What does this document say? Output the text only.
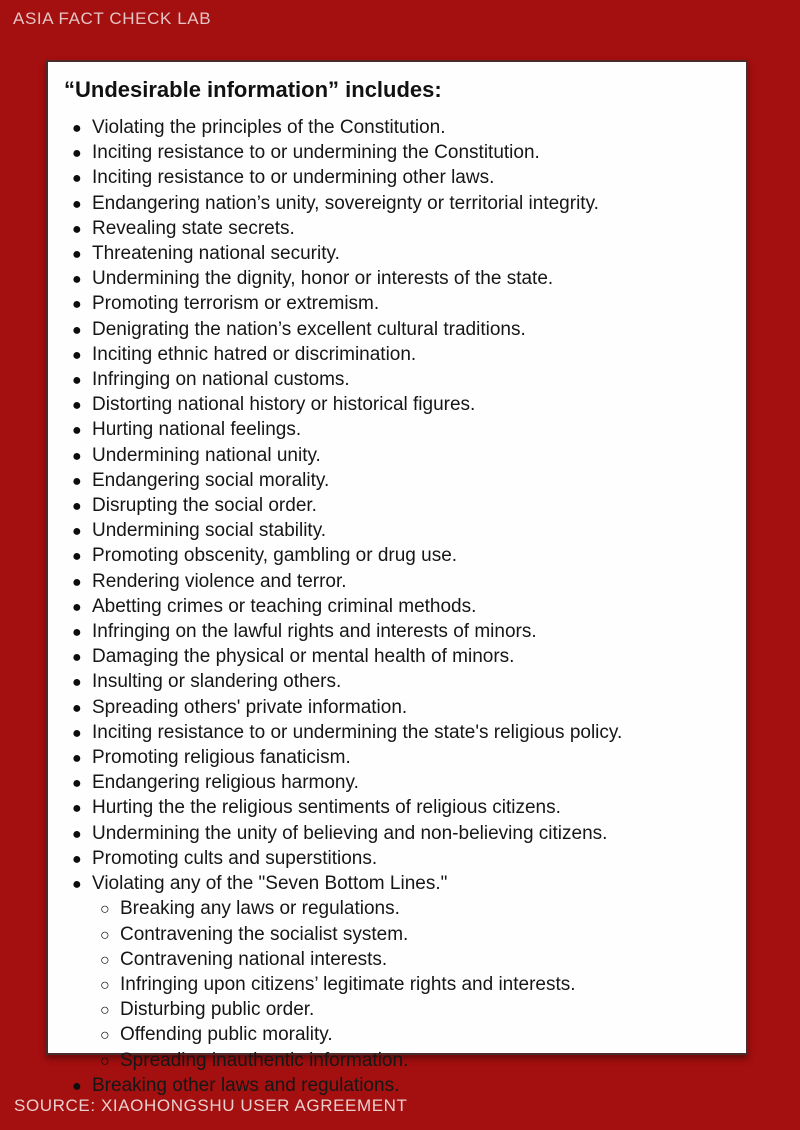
ASIA FACT CHECK LAB
“Undesirable information” includes:
● Violating the principles of the Constitution.
● Inciting resistance to or undermining the Constitution.
● Inciting resistance to or undermining other laws.
● Endangering nation’s unity, sovereignty or territorial integrity.
● Revealing state secrets.
● Threatening national security.
● Undermining the dignity, honor or interests of the state.
● Promoting terrorism or extremism.
● Denigrating the nation’s excellent cultural traditions.
● Inciting ethnic hatred or discrimination.
● Infringing on national customs.
● Distorting national history or historical figures.
● Hurting national feelings.
● Undermining national unity.
● Endangering social morality.
● Disrupting the social order.
● Undermining social stability.
● Promoting obscenity, gambling or drug use.
● Rendering violence and terror.
● Abetting crimes or teaching criminal methods.
● Infringing on the lawful rights and interests of minors.
● Damaging the physical or mental health of minors.
● Insulting or slandering others.
● Spreading others' private information.
● Inciting resistance to or undermining the state's religious policy.
● Promoting religious fanaticism.
● Endangering religious harmony.
● Hurting the the religious sentiments of religious citizens.
● Undermining the unity of believing and non-believing citizens.
● Promoting cults and superstitions.
● Violating any of the "Seven Bottom Lines."
○ Breaking any laws or regulations.
○ Contravening the socialist system.
○ Contravening national interests.
○ Infringing upon citizens’ legitimate rights and interests.
○ Disturbing public order.
○ Offending public morality.
○ Spreading inauthentic information.
● Breaking other laws and regulations.
SOURCE: XIAOHONGSHU USER AGREEMENT
